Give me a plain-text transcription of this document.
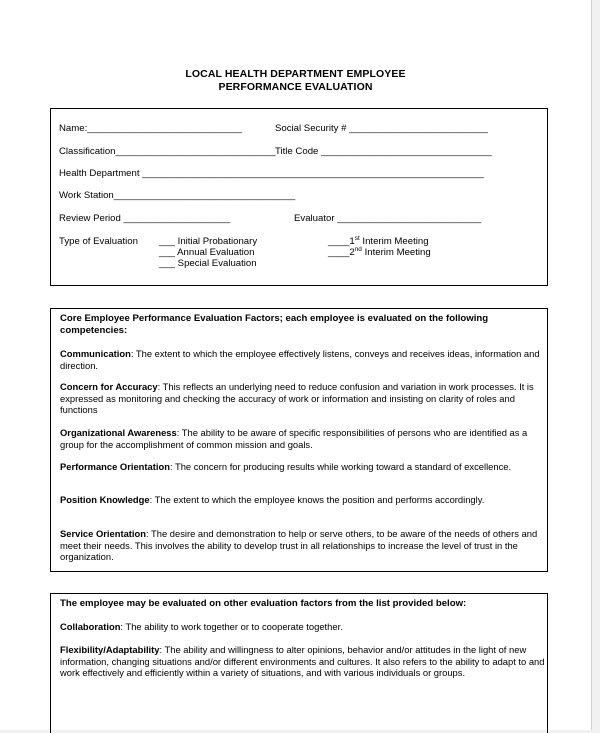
LOCAL HEALTH DEPARTMENT EMPLOYEE
PERFORMANCE EVALUATION
Name:_____________________________	Social Security # __________________________
Classification______________________________ Title Code ________________________________
Health Department ________________________________________________________________
Work Station__________________________________
Review Period ____________________	Evaluator ___________________________
Type of Evaluation ___ Initial Probationary
___ Annual Evaluation
___ Special Evaluation
____1st Interim Meeting
____2nd Interim Meeting
Core Employee Performance Evaluation Factors; each employee is evaluated on the following competencies:
Communication: The extent to which the employee effectively listens, conveys and receives ideas, information and direction.
Concern for Accuracy: This reflects an underlying need to reduce confusion and variation in work processes. It is expressed as monitoring and checking the accuracy of work or information and insisting on clarity of roles and functions
Organizational Awareness: The ability to be aware of specific responsibilities of persons who are identified as a group for the accomplishment of common mission and goals.
Performance Orientation: The concern for producing results while working toward a standard of excellence.
Position Knowledge: The extent to which the employee knows the position and performs accordingly.
Service Orientation: The desire and demonstration to help or serve others, to be aware of the needs of others and meet their needs. This involves the ability to develop trust in all relationships to increase the level of trust in the organization.
The employee may be evaluated on other evaluation factors from the list provided below:
Collaboration: The ability to work together or to cooperate together.
Flexibility/Adaptability: The ability and willingness to alter opinions, behavior and/or attitudes in the light of new information, changing situations and/or different environments and cultures. It also refers to the ability to adapt to and work effectively and efficiently within a variety of situations, and with various individuals or groups.
